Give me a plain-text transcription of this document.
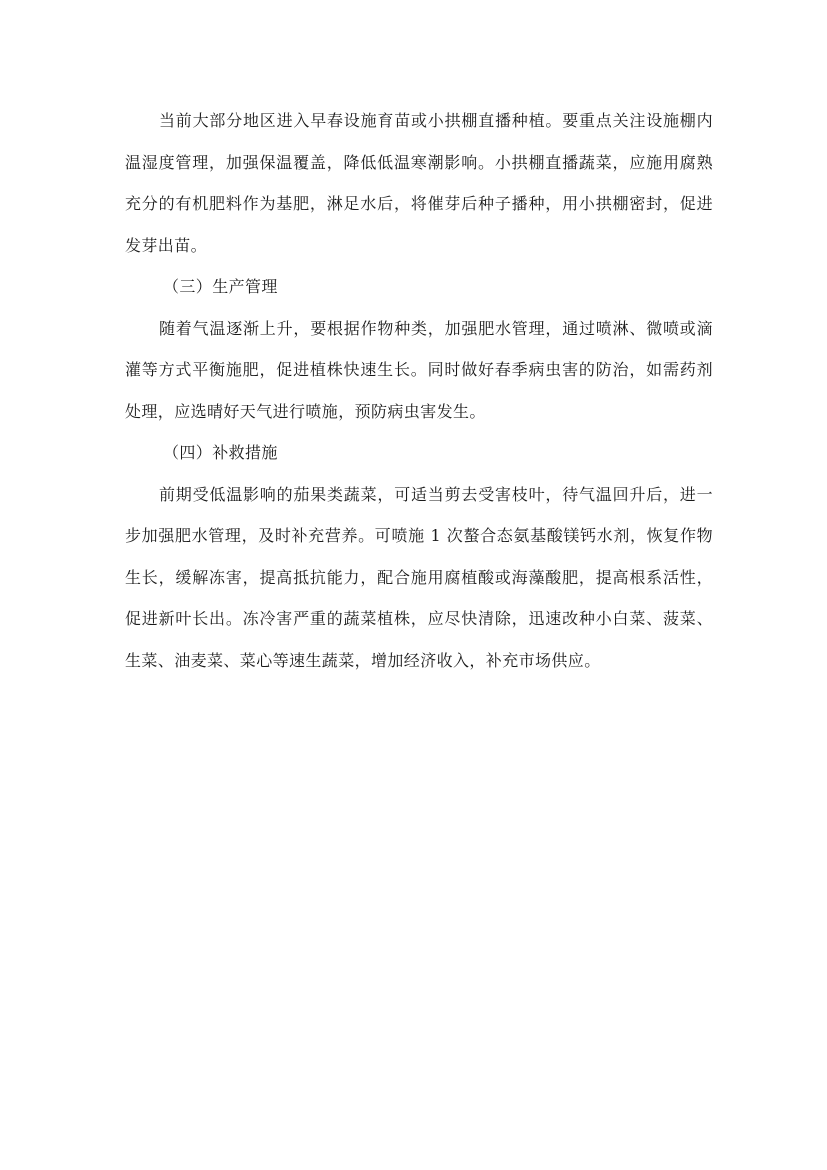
当前大部分地区进入早春设施育苗或小拱棚直播种植。要重点关注设施棚内温湿度管理，加强保温覆盖，降低低温寒潮影响。小拱棚直播蔬菜，应施用腐熟充分的有机肥料作为基肥，淋足水后，将催芽后种子播种，用小拱棚密封，促进发芽出苗。

（三）生产管理

随着气温逐渐上升，要根据作物种类，加强肥水管理，通过喷淋、微喷或滴灌等方式平衡施肥，促进植株快速生长。同时做好春季病虫害的防治，如需药剂处理，应选晴好天气进行喷施，预防病虫害发生。

（四）补救措施

前期受低温影响的茄果类蔬菜，可适当剪去受害枝叶，待气温回升后，进一步加强肥水管理，及时补充营养。可喷施 1 次螯合态氨基酸镁钙水剂，恢复作物生长，缓解冻害，提高抵抗能力，配合施用腐植酸或海藻酸肥，提高根系活性，促进新叶长出。冻冷害严重的蔬菜植株，应尽快清除，迅速改种小白菜、菠菜、生菜、油麦菜、菜心等速生蔬菜，增加经济收入，补充市场供应。
